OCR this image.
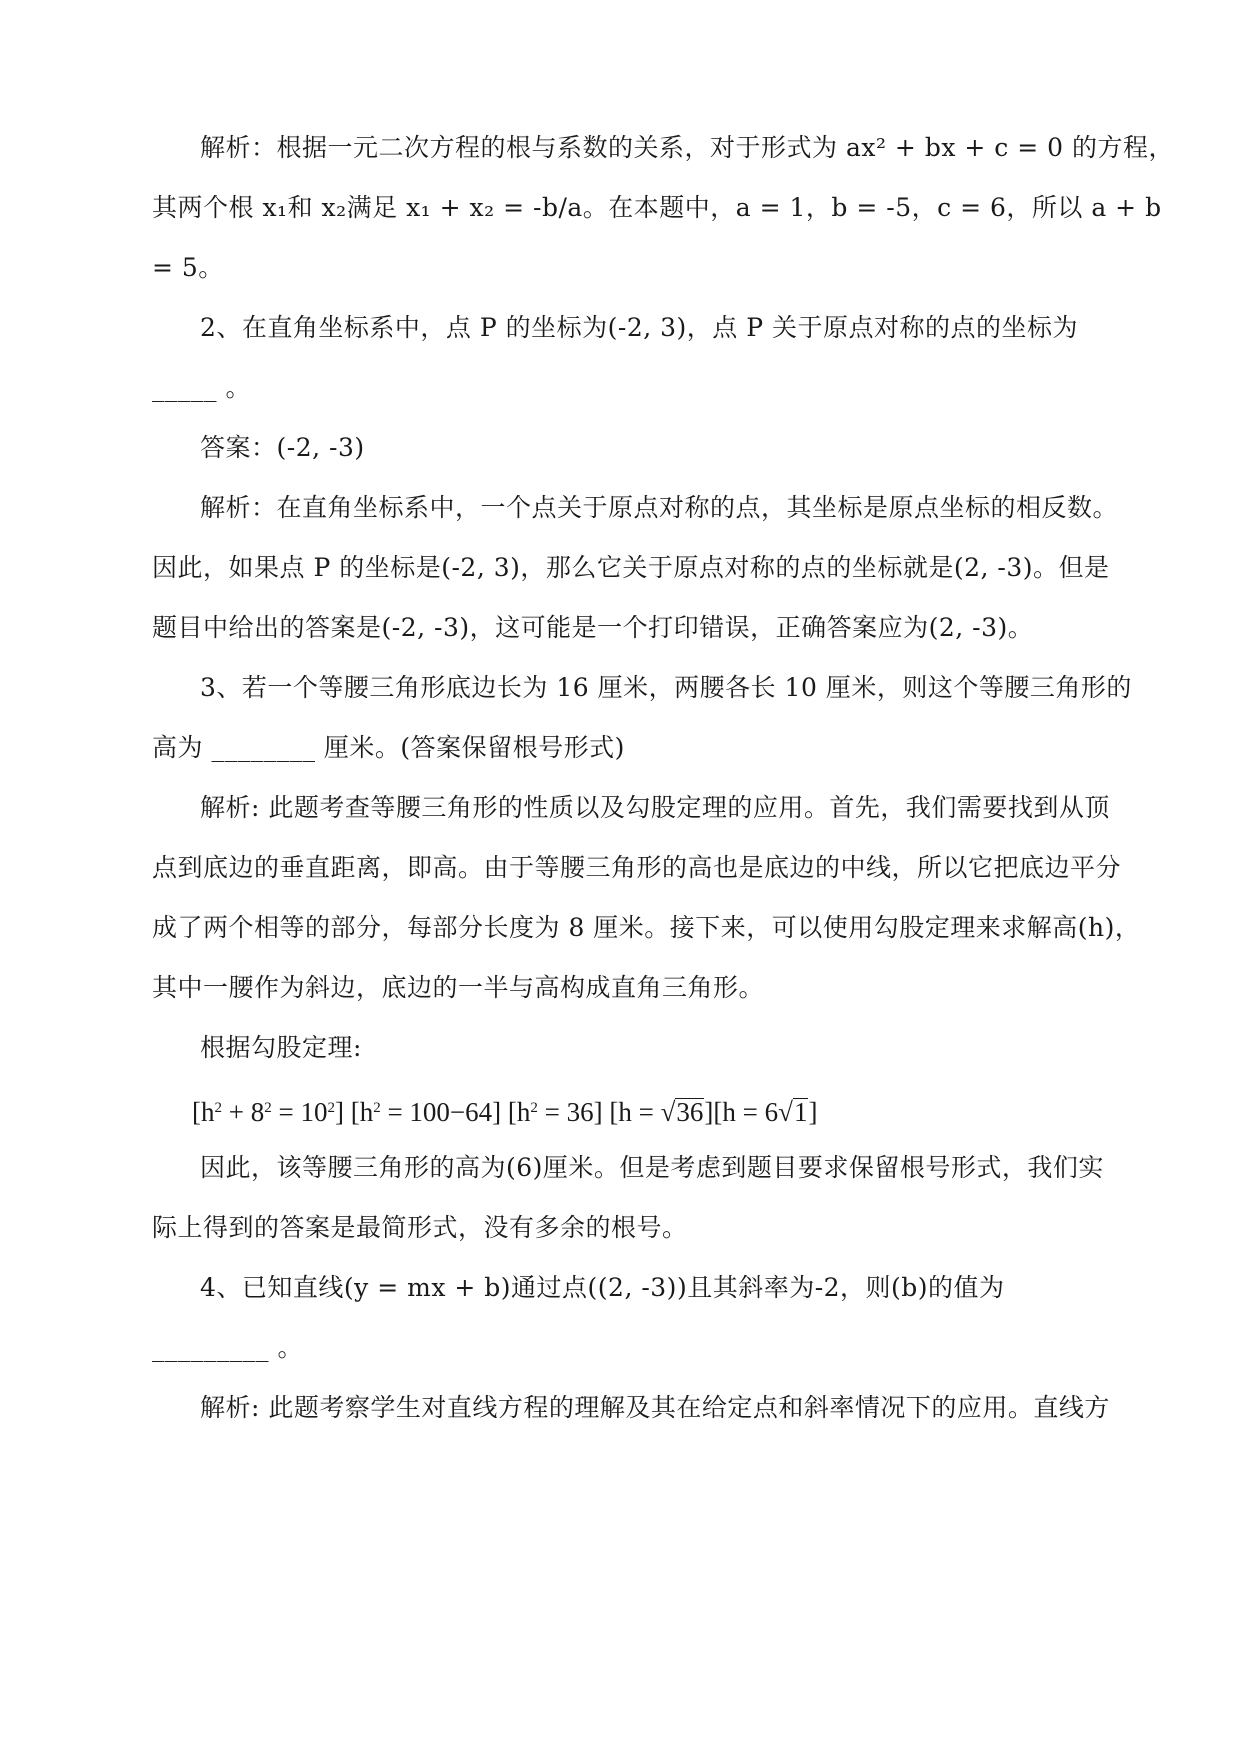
解析：根据一元二次方程的根与系数的关系，对于形式为 ax² + bx + c = 0 的方程，
其两个根 x₁和 x₂满足 x₁ + x₂ = -b/a。在本题中，a = 1，b = -5，c = 6，所以 a + b
= 5。
2、在直角坐标系中，点 P 的坐标为(-2, 3)，点 P 关于原点对称的点的坐标为
_____ 。
答案：(-2, -3)
解析：在直角坐标系中，一个点关于原点对称的点，其坐标是原点坐标的相反数。
因此，如果点 P 的坐标是(-2, 3)，那么它关于原点对称的点的坐标就是(2, -3)。但是
题目中给出的答案是(-2, -3)，这可能是一个打印错误，正确答案应为(2, -3)。
3、若一个等腰三角形底边长为 16 厘米，两腰各长 10 厘米，则这个等腰三角形的
高为 ________ 厘米。(答案保留根号形式)
解析: 此题考查等腰三角形的性质以及勾股定理的应用。首先，我们需要找到从顶
点到底边的垂直距离，即高。由于等腰三角形的高也是底边的中线，所以它把底边平分
成了两个相等的部分，每部分长度为 8 厘米。接下来，可以使用勾股定理来求解高(h)，
其中一腰作为斜边，底边的一半与高构成直角三角形。
根据勾股定理:
$[h^2 + 8^2 = 10^2] [h^2 = 100-64] [h^2 = 36] [h = √36][h = 6√1]$
因此，该等腰三角形的高为(6)厘米。但是考虑到题目要求保留根号形式，我们实
际上得到的答案是最简形式，没有多余的根号。
4、已知直线(y = mx + b)通过点((2, -3))且其斜率为-2，则(b)的值为
_________ 。
解析: 此题考察学生对直线方程的理解及其在给定点和斜率情况下的应用。直线方
